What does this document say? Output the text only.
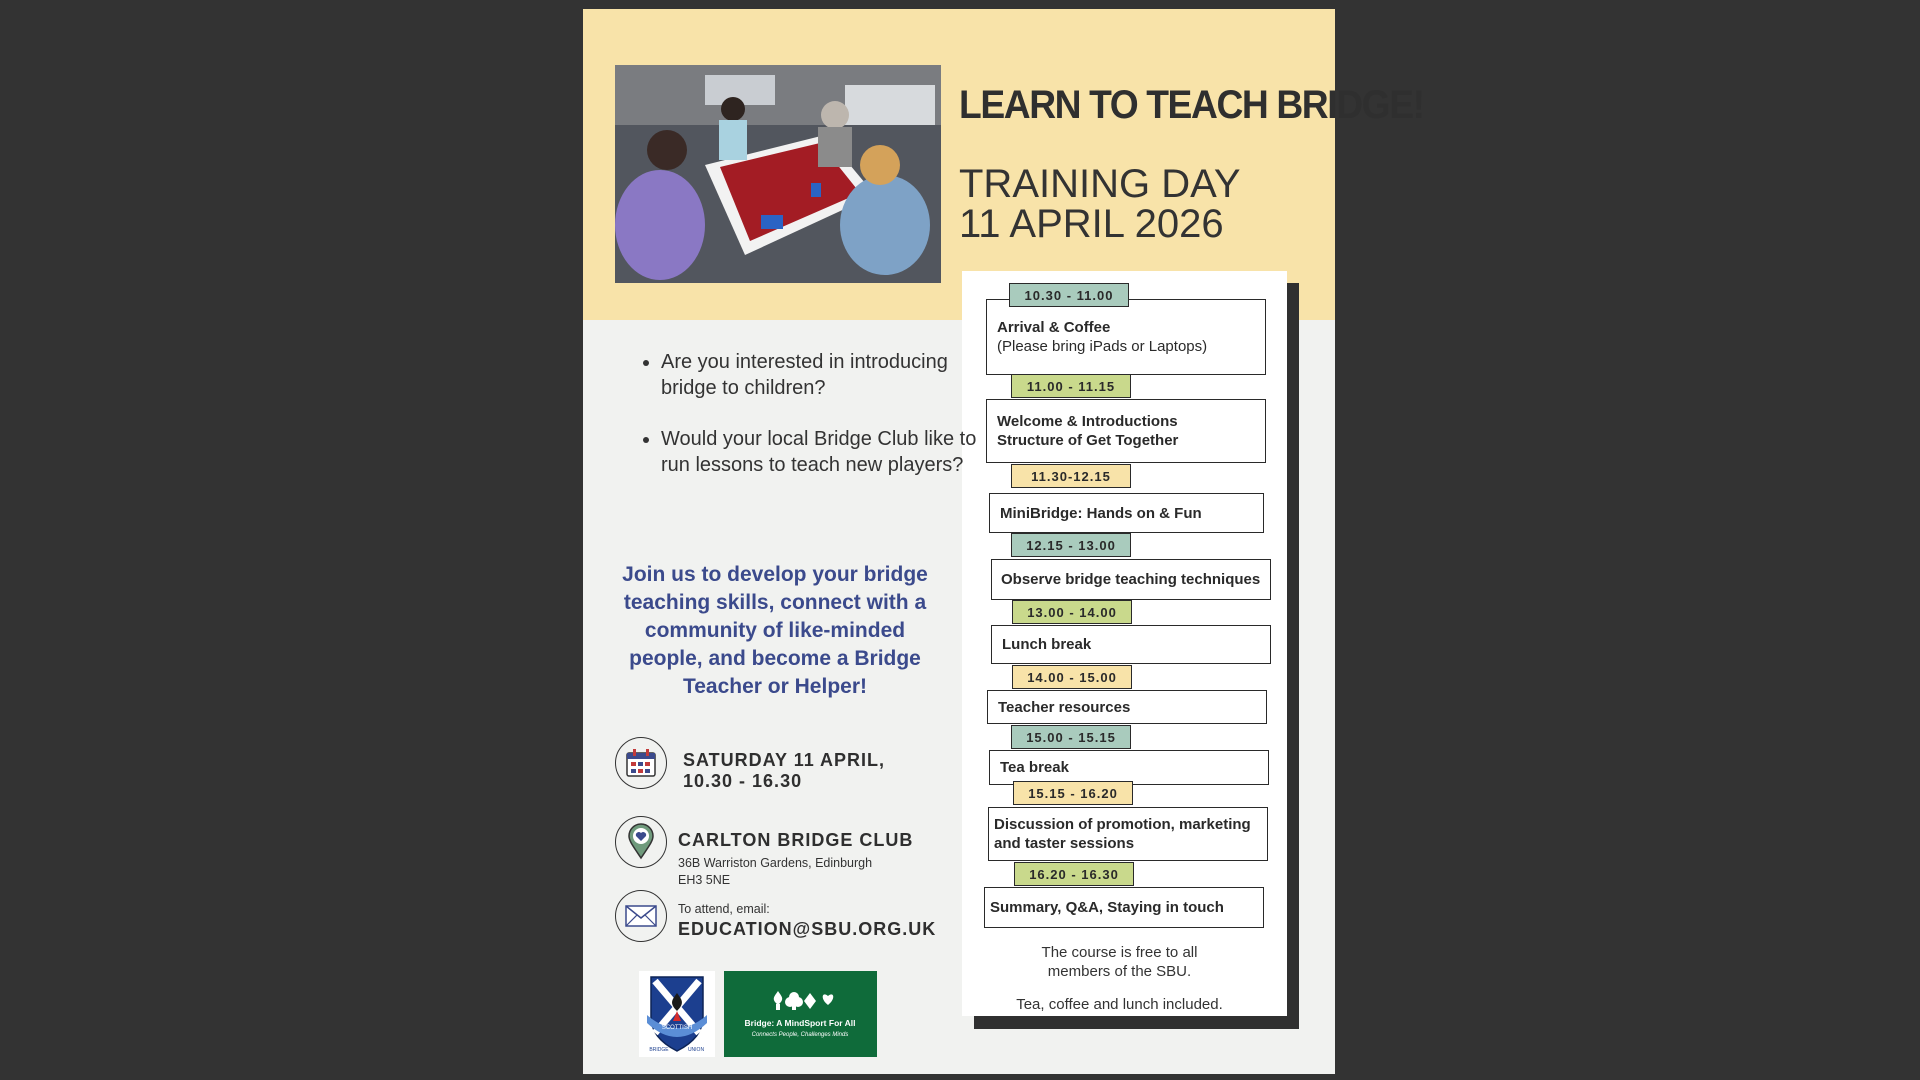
LEARN TO TEACH BRIDGE!
TRAINING DAY
11 APRIL 2026
Arrival & Coffee
(Please bring iPads or Laptops)
10.30 - 11.00
Welcome & Introductions
Structure of Get Together
11.00 - 11.15
MiniBridge: Hands on & Fun
11.30-12.15
Observe bridge teaching techniques
12.15 - 13.00
Lunch break
13.00 - 14.00
Teacher resources
14.00 - 15.00
Tea break
15.00 - 15.15
Discussion of promotion, marketing
and taster sessions
15.15 - 16.20
Summary, Q&A, Staying in touch
16.20 - 16.30
The course is free to all
members of the SBU.
Tea, coffee and lunch included.
• Are you interested in introducing bridge to children?
• Would your local Bridge Club like to run lessons to teach new players?
Join us to develop your bridge teaching skills, connect with a community of like-minded people, and become a Bridge Teacher or Helper!
SATURDAY 11 APRIL,
10.30 - 16.30
CARLTON BRIDGE CLUB
36B Warriston Gardens, Edinburgh
EH3 5NE
To attend, email:
EDUCATION@SBU.ORG.UK
SCOTTISH
BRIDGE	UNION
Bridge: A MindSport For All
Connects People, Challenges Minds
